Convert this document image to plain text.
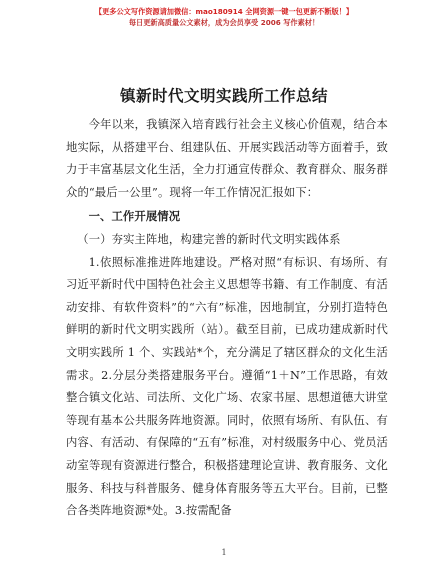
【更多公文写作资源请加微信：mao180914 全网资源一键一包更新不断版！】
每日更新高质量公文素材，成为会员享受 2006 写作素材！
镇新时代文明实践所工作总结

今年以来，我镇深入培育践行社会主义核心价值观，结合本地实际，从搭建平台、组建队伍、开展实践活动等方面着手，致力于丰富基层文化生活，全力打通宣传群众、教育群众、服务群众的“最后一公里”。现将一年工作情况汇报如下：

一、工作开展情况

（一）夯实主阵地，构建完善的新时代文明实践体系

1.依照标准推进阵地建设。严格对照“有标识、有场所、有习近平新时代中国特色社会主义思想等书籍、有工作制度、有活动安排、有软件资料”的“六有”标准，因地制宜，分别打造特色鲜明的新时代文明实践所（站）。截至目前，已成功建成新时代文明实践所 1 个、实践站*个，充分满足了辖区群众的文化生活需求。2.分层分类搭建服务平台。遵循“1＋N”工作思路，有效整合镇文化站、司法所、文化广场、农家书屋、思想道德大讲堂等现有基本公共服务阵地资源。同时，依照有场所、有队伍、有内容、有活动、有保障的“五有”标准，对村级服务中心、党员活动室等现有资源进行整合，积极搭建理论宣讲、教育服务、文化服务、科技与科普服务、健身体育服务等五大平台。目前，已整合各类阵地资源*处。3.按需配备

1
